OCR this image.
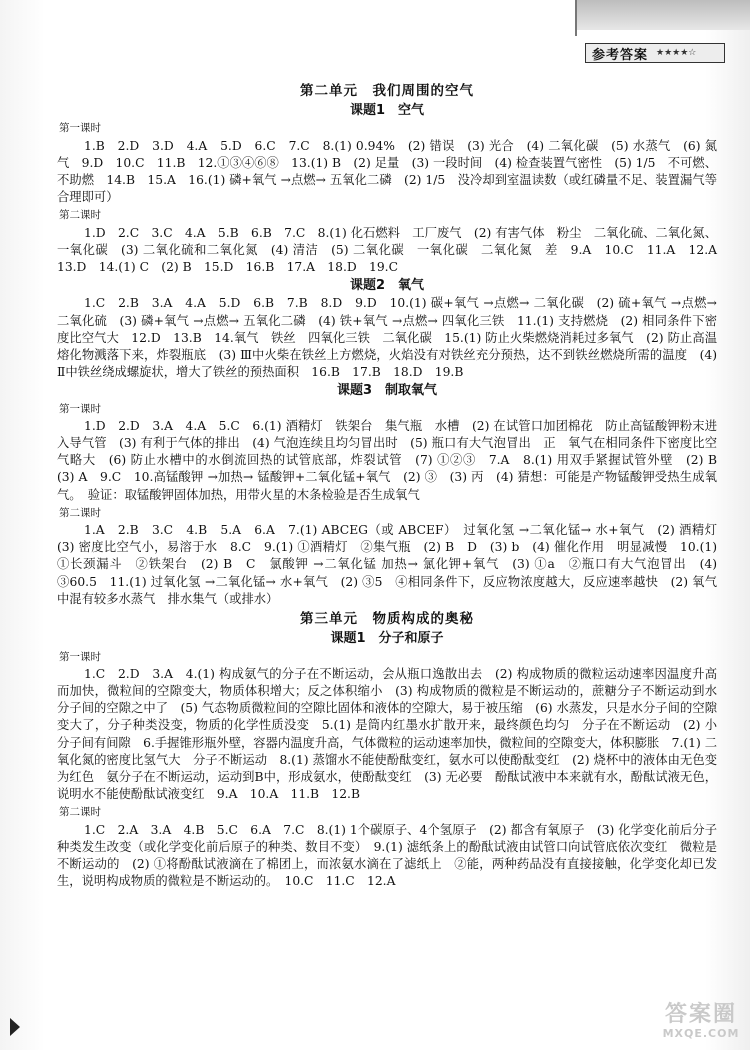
参考答案 ★★★★☆
第二单元　我们周围的空气
课题1　空气
第一课时

1.B　2.D　3.D　4.A　5.D　6.C　7.C　8.(1) 0.94%　(2) 错误　(3) 光合　(4) 二氧化碳　(5) 水蒸气　(6) 氮气　9.D　10.C　11.B　12.①③④⑥⑧　13.(1) B　(2) 足量　(3) 一段时间　(4) 检查装置气密性　(5) 1/5　不可燃、不助燃　14.B　15.A　16.(1) 磷+氧气 →点燃→ 五氧化二磷　(2) 1/5　没冷却到室温读数（或红磷量不足、装置漏气等合理即可）

第二课时

1.D　2.C　3.C　4.A　5.B　6.B　7.C　8.(1) 化石燃料　工厂废气　(2) 有害气体　粉尘　二氧化硫、二氧化氮、一氧化碳　(3) 二氧化硫和二氧化氮　(4) 清洁　(5) 二氧化碳　一氧化碳　二氧化氮　差　9.A　10.C　11.A　12.A　13.D　14.(1) C　(2) B　15.D　16.B　17.A　18.D　19.C

课题2　氧气

1.C　2.B　3.A　4.A　5.D　6.B　7.B　8.D　9.D　10.(1) 碳+氧气 →点燃→ 二氧化碳　(2) 硫+氧气 →点燃→ 二氧化硫　(3) 磷+氧气 →点燃→ 五氧化二磷　(4) 铁+氧气 →点燃→ 四氧化三铁　11.(1) 支持燃烧　(2) 相同条件下密度比空气大　12.D　13.B　14.氧气　铁丝　四氧化三铁　二氧化碳　15.(1) 防止火柴燃烧消耗过多氧气　(2) 防止高温熔化物溅落下来，炸裂瓶底　(3) Ⅲ中火柴在铁丝上方燃烧，火焰没有对铁丝充分预热，达不到铁丝燃烧所需的温度　(4) Ⅱ中铁丝绕成螺旋状，增大了铁丝的预热面积　16.B　17.B　18.D　19.B

课题3　制取氧气
第一课时

1.D　2.D　3.A　4.A　5.C　6.(1) 酒精灯　铁架台　集气瓶　水槽　(2) 在试管口加团棉花　防止高锰酸钾粉末进入导气管　(3) 有利于气体的排出　(4) 气泡连续且均匀冒出时　(5) 瓶口有大气泡冒出　正　氧气在相同条件下密度比空气略大　(6) 防止水槽中的水倒流回热的试管底部，炸裂试管　(7) ①②③　7.A　8.(1) 用双手紧握试管外壁　(2) B　(3) A　9.C　10.高锰酸钾 →加热→ 锰酸钾+二氧化锰+氧气　(2) ③　(3) 丙　(4) 猜想：可能是产物锰酸钾受热生成氧气。　验证：取锰酸钾固体加热，用带火星的木条检验是否生成氧气

第二课时

1.A　2.B　3.C　4.B　5.A　6.A　7.(1) ABCEG（或 ABCEF）　过氧化氢 →二氧化锰→ 水+氧气　(2) 酒精灯　(3) 密度比空气小，易溶于水　8.C　9.(1) ①酒精灯　②集气瓶　(2) B　D　(3) b　(4) 催化作用　明显减慢　10.(1) ①长颈漏斗　②铁架台　(2) B　C　氯酸钾 →二氧化锰 加热→ 氯化钾+氧气　(3) ①a　②瓶口有大气泡冒出　(4) ③60.5　11.(1) 过氧化氢 →二氧化锰→ 水+氧气　(2) ③5　④相同条件下，反应物浓度越大，反应速率越快　(2) 氧气中混有较多水蒸气　排水集气（或排水）

第三单元　物质构成的奥秘
课题1　分子和原子
第一课时

1.C　2.D　3.A　4.(1) 构成氨气的分子在不断运动，会从瓶口逸散出去　(2) 构成物质的微粒运动速率因温度升高而加快，微粒间的空隙变大，物质体积增大；反之体积缩小　(3) 构成物质的微粒是不断运动的，蔗糖分子不断运动到水分子间的空隙之中了　(5) 气态物质微粒间的空隙比固体和液体的空隙大，易于被压缩　(6) 水蒸发，只是水分子间的空隙变大了，分子种类没变，物质的化学性质没变　5.(1) 是筒内红墨水扩散开来，最终颜色均匀　分子在不断运动　(2) 小　分子间有间隙　6.手握锥形瓶外壁，容器内温度升高，气体微粒的运动速率加快，微粒间的空隙变大，体积膨胀　7.(1) 二氧化氮的密度比氢气大　分子不断运动　8.(1) 蒸馏水不能使酚酞变红，氨水可以使酚酞变红　(2) 烧杯中的液体由无色变为红色　氨分子在不断运动，运动到B中，形成氨水，使酚酞变红　(3) 无必要　酚酞试液中本来就有水，酚酞试液无色，说明水不能使酚酞试液变红　9.A　10.A　11.B　12.B

第二课时

1.C　2.A　3.A　4.B　5.C　6.A　7.C　8.(1) 1个碳原子、4个氢原子　(2) 都含有氧原子　(3) 化学变化前后分子种类发生改变（或化学变化前后原子的种类、数目不变）　9.(1) 滤纸条上的酚酞试液由试管口向试管底依次变红　微粒是不断运动的　(2) ①将酚酞试液滴在了棉团上，而浓氨水滴在了滤纸上　②能，两种药品没有直接接触，化学变化却已发生，说明构成物质的微粒是不断运动的。　10.C　11.C　12.A

答案圈
MXQE.COM
